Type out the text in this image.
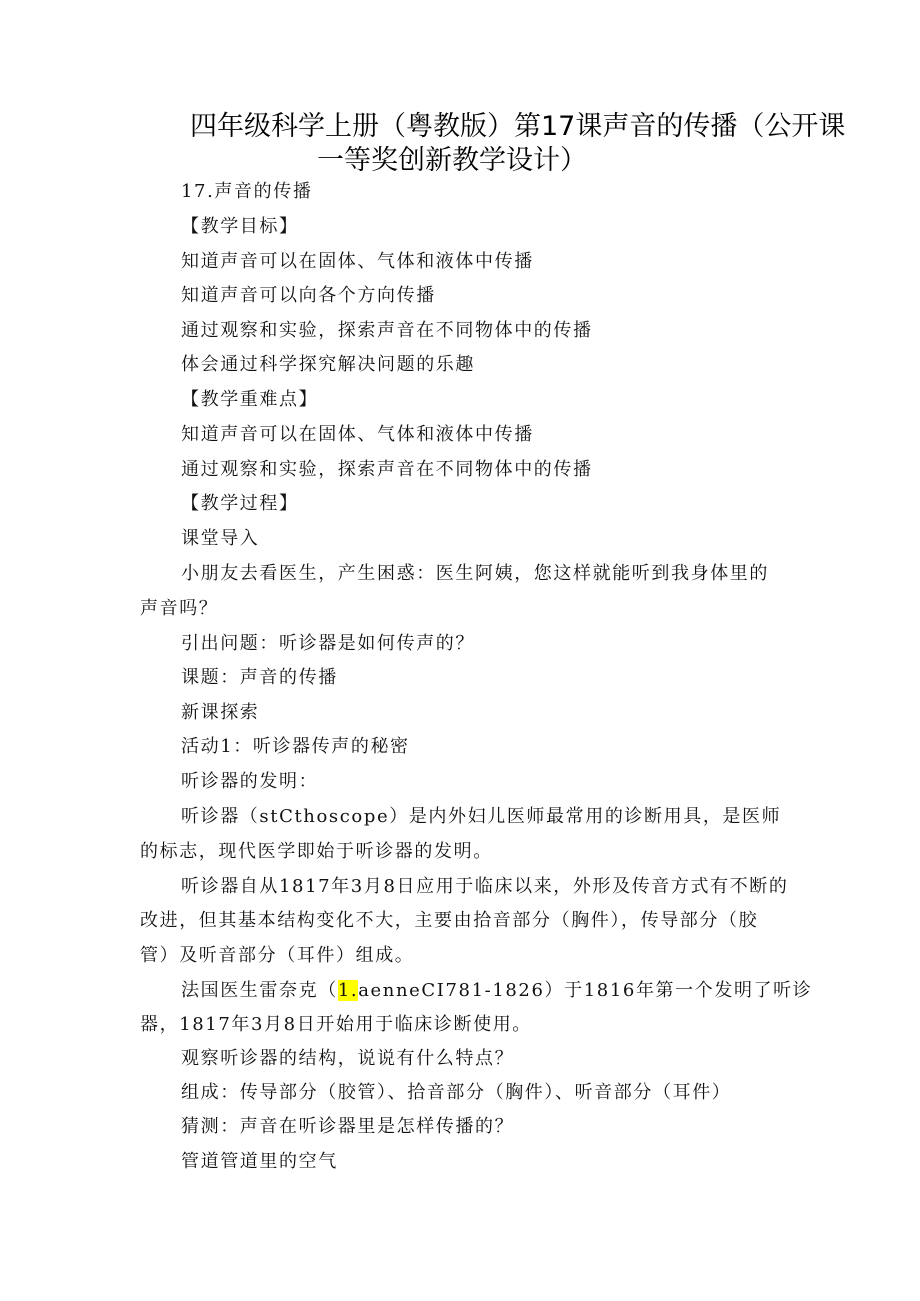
四年级科学上册（粤教版）第17课声音的传播（公开课
一等奖创新教学设计）
17.声音的传播
【教学目标】
知道声音可以在固体、气体和液体中传播
知道声音可以向各个方向传播
通过观察和实验，探索声音在不同物体中的传播
体会通过科学探究解决问题的乐趣
【教学重难点】
知道声音可以在固体、气体和液体中传播
通过观察和实验，探索声音在不同物体中的传播
【教学过程】
课堂导入
小朋友去看医生，产生困惑：医生阿姨，您这样就能听到我身体里的
声音吗？
引出问题：听诊器是如何传声的？
课题：声音的传播
新课探索
活动1：听诊器传声的秘密
听诊器的发明：
听诊器（stCthoscope）是内外妇儿医师最常用的诊断用具，是医师
的标志，现代医学即始于听诊器的发明。
听诊器自从1817年3月8日应用于临床以来，外形及传音方式有不断的
改进，但其基本结构变化不大，主要由拾音部分（胸件），传导部分（胶
管）及听音部分（耳件）组成。
法国医生雷奈克（1.aenneCI781-1826）于1816年第一个发明了听诊
器，1817年3月8日开始用于临床诊断使用。
观察听诊器的结构，说说有什么特点？
组成：传导部分（胶管）、拾音部分（胸件）、听音部分（耳件）
猜测：声音在听诊器里是怎样传播的？
管道管道里的空气
